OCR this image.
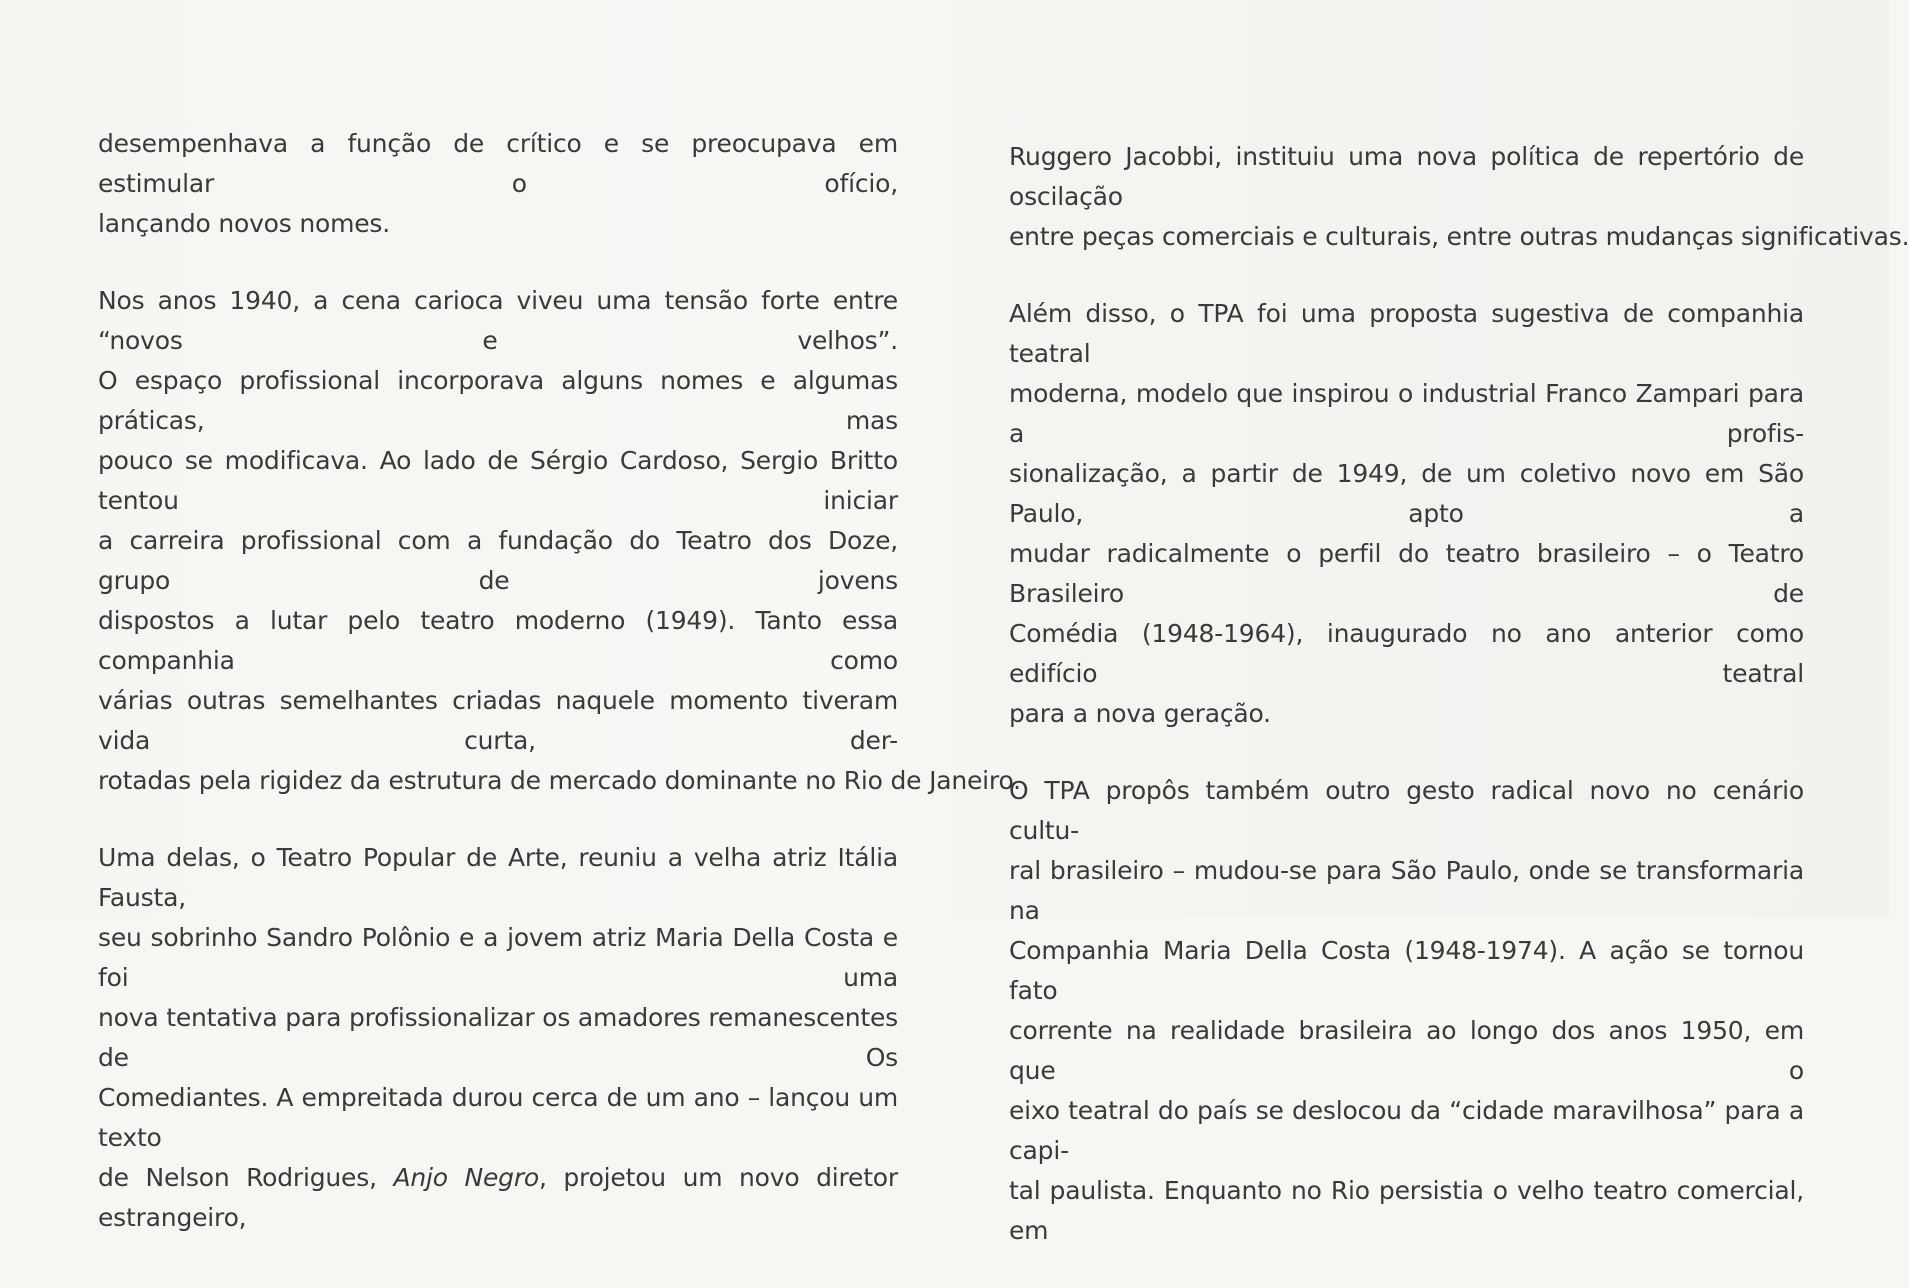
desempenhava a função de crítico e se preocupava em estimular o ofício,
lançando novos nomes.

Nos anos 1940, a cena carioca viveu uma tensão forte entre “novos e velhos”.
O espaço profissional incorporava alguns nomes e algumas práticas, mas
pouco se modificava. Ao lado de Sérgio Cardoso, Sergio Britto tentou iniciar
a carreira profissional com a fundação do Teatro dos Doze, grupo de jovens
dispostos a lutar pelo teatro moderno (1949). Tanto essa companhia como
várias outras semelhantes criadas naquele momento tiveram vida curta, der-
rotadas pela rigidez da estrutura de mercado dominante no Rio de Janeiro.

Uma delas, o Teatro Popular de Arte, reuniu a velha atriz Itália Fausta,
seu sobrinho Sandro Polônio e a jovem atriz Maria Della Costa e foi uma
nova tentativa para profissionalizar os amadores remanescentes de Os
Comediantes. A empreitada durou cerca de um ano – lançou um texto
de Nelson Rodrigues, Anjo Negro, projetou um novo diretor estrangeiro,

Ruggero Jacobbi, instituiu uma nova política de repertório de oscilação
entre peças comerciais e culturais, entre outras mudanças significativas.

Além disso, o TPA foi uma proposta sugestiva de companhia teatral
moderna, modelo que inspirou o industrial Franco Zampari para a profis-
sionalização, a partir de 1949, de um coletivo novo em São Paulo, apto a
mudar radicalmente o perfil do teatro brasileiro – o Teatro Brasileiro de
Comédia (1948-1964), inaugurado no ano anterior como edifício teatral
para a nova geração.

O TPA propôs também outro gesto radical novo no cenário cultu-
ral brasileiro – mudou-se para São Paulo, onde se transformaria na
Companhia Maria Della Costa (1948-1974). A ação se tornou fato
corrente na realidade brasileira ao longo dos anos 1950, em que o
eixo teatral do país se deslocou da “cidade maravilhosa” para a capi-
tal paulista. Enquanto no Rio persistia o velho teatro comercial, em
